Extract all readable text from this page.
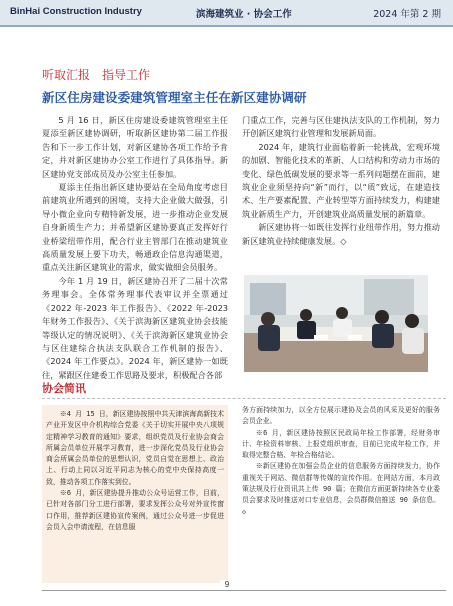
BinHai Construction Industry	滨海建筑业 · 协会工作	2024 年第 2 期
听取汇报　指导工作
新区住房建设委建筑管理室主任在新区建协调研

5 月 16 日，新区住房建设委建筑管理室主任夏添至新区建协调研，听取新区建协第二届工作报告和下一步工作计划，对新区建协各项工作给予肯定，并对新区建协办公室工作进行了具体指导。新区建协党支部成员及办公室主任参加。

夏添主任指出新区建协要站在全局角度考虑目前建筑业所遇到的困境，支持大企业做大做强，引导小微企业向专精特新发展，进一步推动企业发展自身新质生产力；并希望新区建协要真正发挥好行业桥梁纽带作用，配合行业主管部门在推动建筑业高质量发展上要下功夫，畅通政企信息沟通渠道，重点关注新区建筑业的需求，做实做细会员服务。

今年 1 月 19 日，新区建协召开了二届十次常务理事会。全体常务理事代表审议并全票通过《2022 年-2023 年工作报告》、《2022 年-2023 年财务工作报告》、《关于滨海新区建筑业协会技能等级认定的情况说明》、《关于滨海新区建筑业协会与区住建综合执法支队联合工作机制的报告》、《2024 年工作要点》。2024 年，新区建协一如既往，紧跟区住建委工作思路及要求，积极配合各部

门重点工作，完善与区住建执法支队的工作机制，努力开创新区建筑行业管理和发展新局面。

2024 年，建筑行业面临着新一轮挑战，宏观环境的加剧、智能化技术的革新、人口结构和劳动力市场的变化、绿色低碳发展的要求等一系列问题摆在面前，建筑业企业须坚持向“新”而行，以“质”致远，在建造技术、生产要素配置、产业转型等方面持续发力，构建建筑业新质生产力，开创建筑业高质量发展的新篇章。

新区建协将一如既往发挥行业纽带作用，努力推动新区建筑业持续健康发展。◇

协会简讯

※4 月 15 日，新区建协按照中共天津滨海高新技术产业开发区中介机构综合党委《关于切实开展中央八项规定精神学习教育的通知》要求，组织党员及行业协会商会所属会员单位开展学习教育，进一步深化党员及行业协会商会所属会员单位的思想认识，党员自觉在思想上、政治上、行动上同以习近平同志为核心的党中央保持高度一致，推动各项工作落实到位。

※6 月，新区建协提升推动公众号运营工作，目前，已针对各部门分工进行部署，要求发挥公众号对外宣传窗口作用，推荐新区建协宣传案例，通过公众号进一步促进会员入会申请流程，在信息服

务方面持续加力，以全方位展示建协及会员的风采及更好的服务会员企业。

※6 月，新区建协按照区民政局年检工作部署，经财务审计、年检资料审核、上报党组织审查，目前已完成年检工作，并取得完整合格、年检合格结论。

※新区建协在加强会员企业的信息服务方面持续发力，协作重视关于网站、微信群等传媒的宣传作用。在网站方面，本月政策法规及行业资讯共上传 90 篇；在微信方面更新持续各专业委员会要求及时推送对口专业信息，会员群微信推送 90 条信息。◇

9
